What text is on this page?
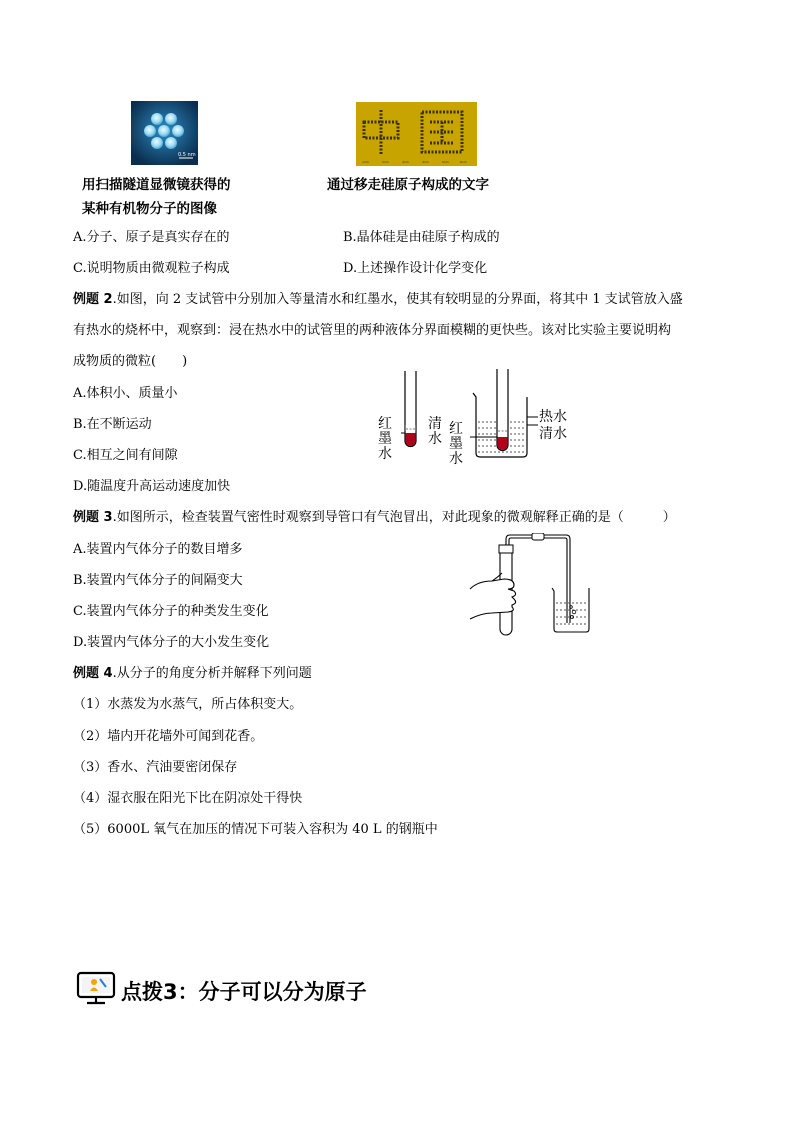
0.5 nm
1nm	2nm	3nm	4nm	5nm	6nm
中国
用扫描隧道显微镜获得的
某种有机物分子的图像
通过移走硅原子构成的文字
A.分子、原子是真实存在的	B.晶体硅是由硅原子构成的
C.说明物质由微观粒子构成	D.上述操作设计化学变化
例题 2.如图，向 2 支试管中分别加入等量清水和红墨水，使其有较明显的分界面，将其中 1 支试管放入盛
有热水的烧杯中，观察到：浸在热水中的试管里的两种液体分界面模糊的更快些。该对比实验主要说明构
成物质的微粒(　　)
A.体积小、质量小
B.在不断运动
C.相互之间有间隙
D.随温度升高运动速度加快
红墨水
清水
红墨水
热水
清水
例题 3.如图所示，检查装置气密性时观察到导管口有气泡冒出，对此现象的微观解释正确的是（　　　）
A.装置内气体分子的数目增多
B.装置内气体分子的间隔变大
C.装置内气体分子的种类发生变化
D.装置内气体分子的大小发生变化
例题 4.从分子的角度分析并解释下列问题
（1）水蒸发为水蒸气，所占体积变大。
（2）墙内开花墙外可闻到花香。
（3）香水、汽油要密闭保存
（4）湿衣服在阳光下比在阴凉处干得快
（5）6000L 氧气在加压的情况下可装入容积为 40 L 的钢瓶中
点拨3：分子可以分为原子
